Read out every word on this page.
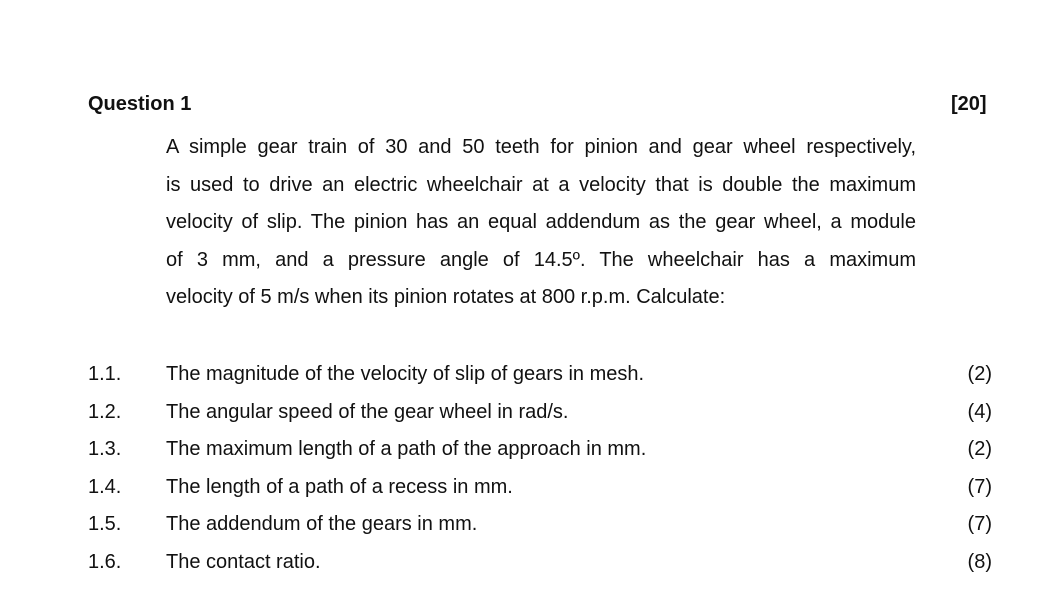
Question 1	[20]

A simple gear train of 30 and 50 teeth for pinion and gear wheel respectively,
is used to drive an electric wheelchair at a velocity that is double the maximum
velocity of slip. The pinion has an equal addendum as the gear wheel, a module
of 3 mm, and a pressure angle of 14.5º. The wheelchair has a maximum
velocity of 5 m/s when its pinion rotates at 800 r.p.m. Calculate:

1.1. The magnitude of the velocity of slip of gears in mesh.	(2)
1.2. The angular speed of the gear wheel in rad/s.	(4)
1.3. The maximum length of a path of the approach in mm.	(2)
1.4. The length of a path of a recess in mm.	(7)
1.5. The addendum of the gears in mm.	(7)
1.6. The contact ratio.	(8)
